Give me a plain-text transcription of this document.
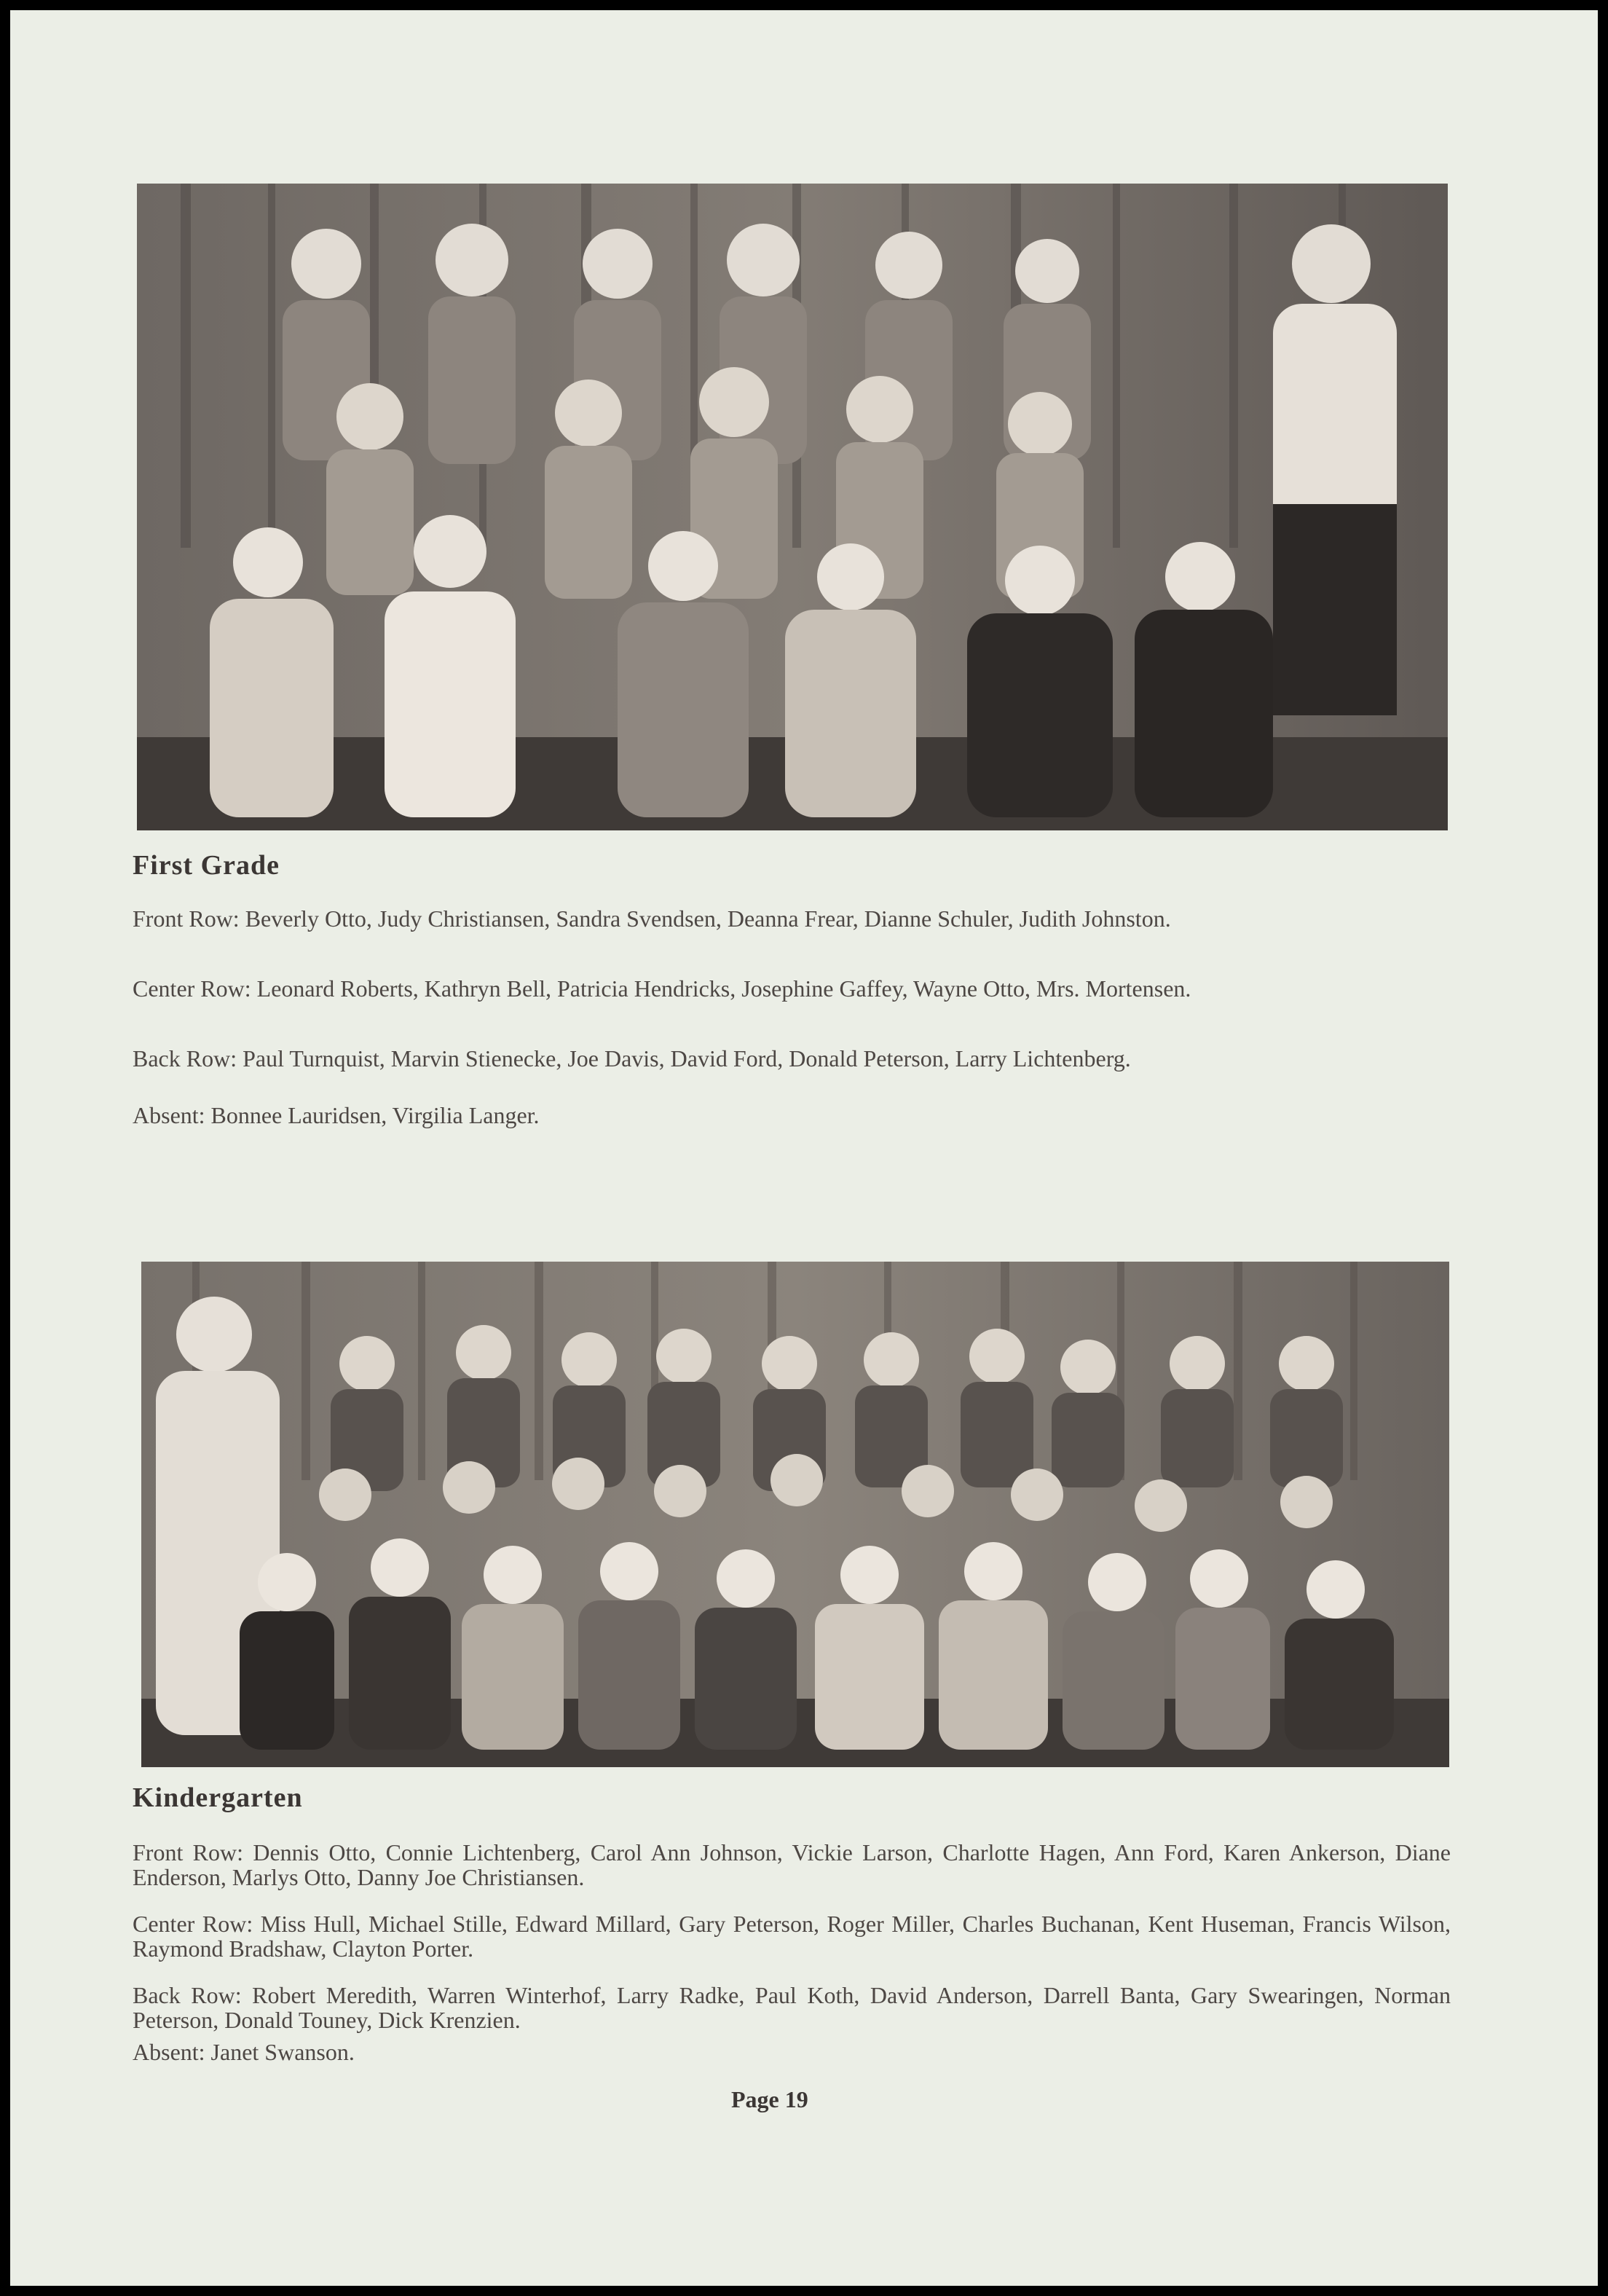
First Grade

Front Row: Beverly Otto, Judy Christiansen, Sandra Svendsen, Deanna Frear, Dianne Schuler, Judith Johnston.

Center Row: Leonard Roberts, Kathryn Bell, Patricia Hendricks, Josephine Gaffey, Wayne Otto, Mrs. Mortensen.

Back Row: Paul Turnquist, Marvin Stienecke, Joe Davis, David Ford, Donald Peterson, Larry Lichtenberg.

Absent: Bonnee Lauridsen, Virgilia Langer.

Kindergarten

Front Row: Dennis Otto, Connie Lichtenberg, Carol Ann Johnson, Vickie Larson, Charlotte Hagen, Ann Ford, Karen Ankerson, Diane Enderson, Marlys Otto, Danny Joe Christiansen.

Center Row: Miss Hull, Michael Stille, Edward Millard, Gary Peterson, Roger Miller, Charles Buchanan, Kent Huseman, Francis Wilson, Raymond Bradshaw, Clayton Porter.

Back Row: Robert Meredith, Warren Winterhof, Larry Radke, Paul Koth, David Anderson, Darrell Banta, Gary Swearingen, Norman Peterson, Donald Touney, Dick Krenzien.

Absent: Janet Swanson.

Page 19
